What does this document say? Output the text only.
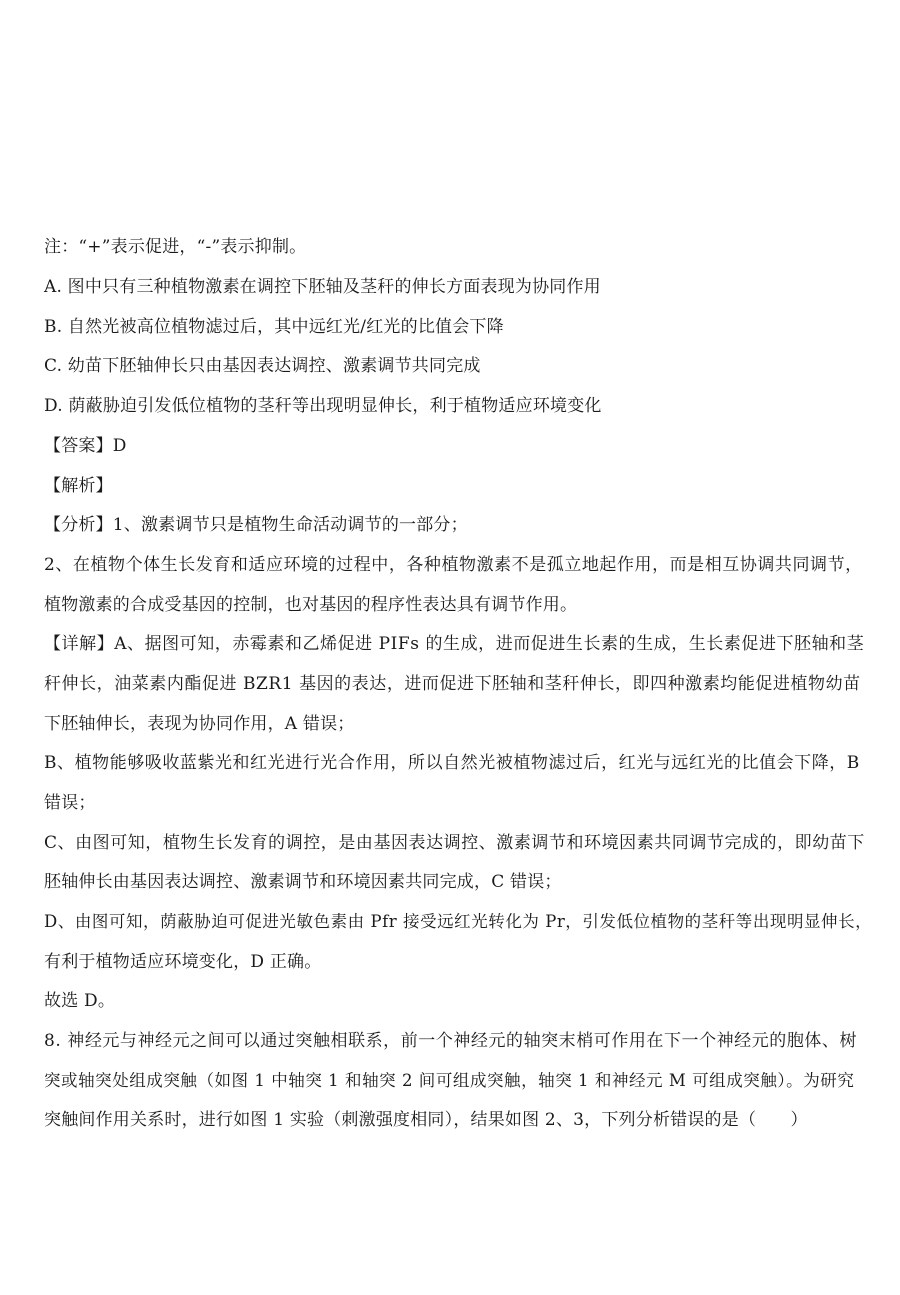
注：“+”表示促进，“-”表示抑制。
A. 图中只有三种植物激素在调控下胚轴及茎秆的伸长方面表现为协同作用
B. 自然光被高位植物滤过后，其中远红光/红光的比值会下降
C. 幼苗下胚轴伸长只由基因表达调控、激素调节共同完成
D. 荫蔽胁迫引发低位植物的茎秆等出现明显伸长，利于植物适应环境变化
【答案】D
【解析】
【分析】1、激素调节只是植物生命活动调节的一部分；
2、在植物个体生长发育和适应环境的过程中，各种植物激素不是孤立地起作用，而是相互协调共同调节，
植物激素的合成受基因的控制，也对基因的程序性表达具有调节作用。
【详解】A、据图可知，赤霉素和乙烯促进 PIFs 的生成，进而促进生长素的生成，生长素促进下胚轴和茎
秆伸长，油菜素内酯促进 BZR1 基因的表达，进而促进下胚轴和茎秆伸长，即四种激素均能促进植物幼苗
下胚轴伸长，表现为协同作用，A 错误；
B、植物能够吸收蓝紫光和红光进行光合作用，所以自然光被植物滤过后，红光与远红光的比值会下降，B
错误；
C、由图可知，植物生长发育的调控，是由基因表达调控、激素调节和环境因素共同调节完成的，即幼苗下
胚轴伸长由基因表达调控、激素调节和环境因素共同完成，C 错误；
D、由图可知，荫蔽胁迫可促进光敏色素由 Pfr 接受远红光转化为 Pr，引发低位植物的茎秆等出现明显伸长，
有利于植物适应环境变化，D 正确。
故选 D。
8. 神经元与神经元之间可以通过突触相联系，前一个神经元的轴突末梢可作用在下一个神经元的胞体、树
突或轴突处组成突触（如图 1 中轴突 1 和轴突 2 间可组成突触，轴突 1 和神经元 M 可组成突触）。为研究
突触间作用关系时，进行如图 1 实验（刺激强度相同），结果如图 2、3，下列分析错误的是（　　）
